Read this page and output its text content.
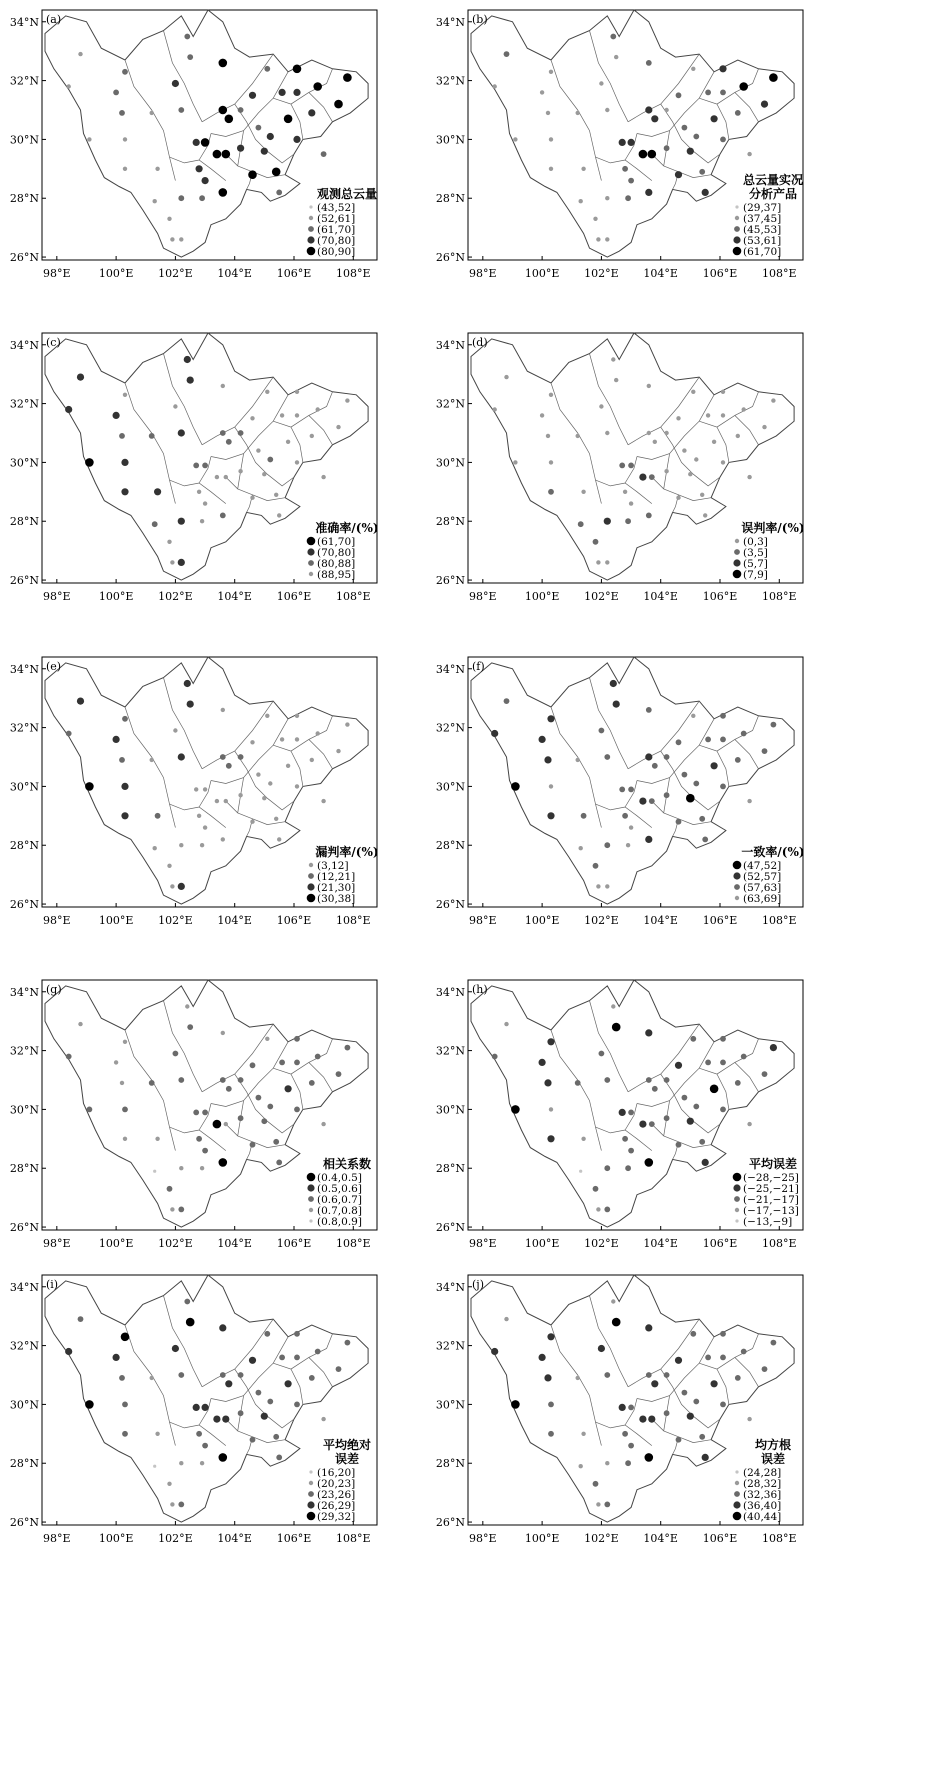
34°N
32°N
30°N
28°N
26°N
98°E	100°E 102°E 104°E 106°E 108°E
(a)
观测总云量
(43,52]
(52,61]
(61,70]
(70,80]
(80,90]
34°N
32°N
30°N
28°N
26°N
98°E	100°E 102°E 104°E 106°E 108°E
(b)
总云量实况
分析产品
(29,37]
(37,45]
(45,53]
(53,61]
(61,70]
34°N
32°N
30°N
28°N
26°N
98°E	100°E 102°E 104°E 106°E 108°E
(c)
准确率/(%)
(61,70]
(70,80]
(80,88]
(88,95]
34°N
32°N
30°N
28°N
26°N
98°E	100°E 102°E 104°E 106°E 108°E
(d)
误判率/(%)
(0,3]
(3,5]
(5,7]
(7,9]
34°N
32°N
30°N
28°N
26°N
98°E	100°E 102°E 104°E 106°E 108°E
(e)
漏判率/(%)
(3,12]
(12,21]
(21,30]
(30,38]
34°N
32°N
30°N
28°N
26°N
98°E	100°E 102°E 104°E 106°E 108°E
(f)
一致率/(%)
(47,52]
(52,57]
(57,63]
(63,69]
34°N
32°N
30°N
28°N
26°N
98°E	100°E 102°E 104°E 106°E 108°E
(g)
相关系数
(0.4,0.5]
(0.5,0.6]
(0.6,0.7]
(0.7,0.8]
(0.8,0.9]
34°N
32°N
30°N
28°N
26°N
98°E	100°E 102°E 104°E 106°E 108°E
(h)
平均误差
(−28,−25]
(−25,−21]
(−21,−17]
(−17,−13]
(−13,−9]
34°N
32°N
30°N
28°N
26°N
98°E	100°E 102°E 104°E 106°E 108°E
(i)
平均绝对
误差
(16,20]
(20,23]
(23,26]
(26,29]
(29,32]
34°N
32°N
30°N
28°N
26°N
98°E	100°E 102°E 104°E 106°E 108°E
(j)
均方根
误差
(24,28]
(28,32]
(32,36]
(36,40]
(40,44]
